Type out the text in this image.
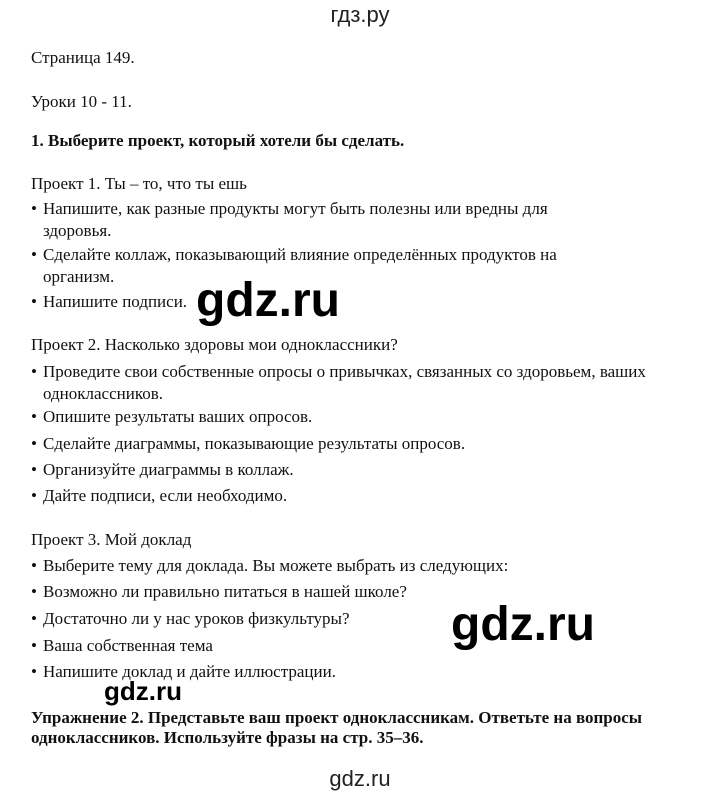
гдз.ру
Страница 149.
Уроки 10 - 11.
1. Выберите проект, который хотели бы сделать.
Проект 1. Ты – то, что ты ешь
• Напишите, как разные продукты могут быть полезны или вредны для здоровья.
• Сделайте коллаж, показывающий влияние определённых продуктов на организм.
• Напишите подписи.
Проект 2. Насколько здоровы мои одноклассники?
• Проведите свои собственные опросы о привычках, связанных со здоровьем, ваших одноклассников.
• Опишите результаты ваших опросов.
• Сделайте диаграммы, показывающие результаты опросов.
• Организуйте диаграммы в коллаж.
• Дайте подписи, если необходимо.
Проект 3. Мой доклад
• Выберите тему для доклада. Вы можете выбрать из следующих:
• Возможно ли правильно питаться в нашей школе?
• Достаточно ли у нас уроков физкультуры?
• Ваша собственная тема
• Напишите доклад и дайте иллюстрации.
Упражнение 2. Представьте ваш проект одноклассникам. Ответьте на вопросы одноклассников. Используйте фразы на стр. 35–36.
gdz.ru
gdz.ru
gdz.ru
gdz.ru
